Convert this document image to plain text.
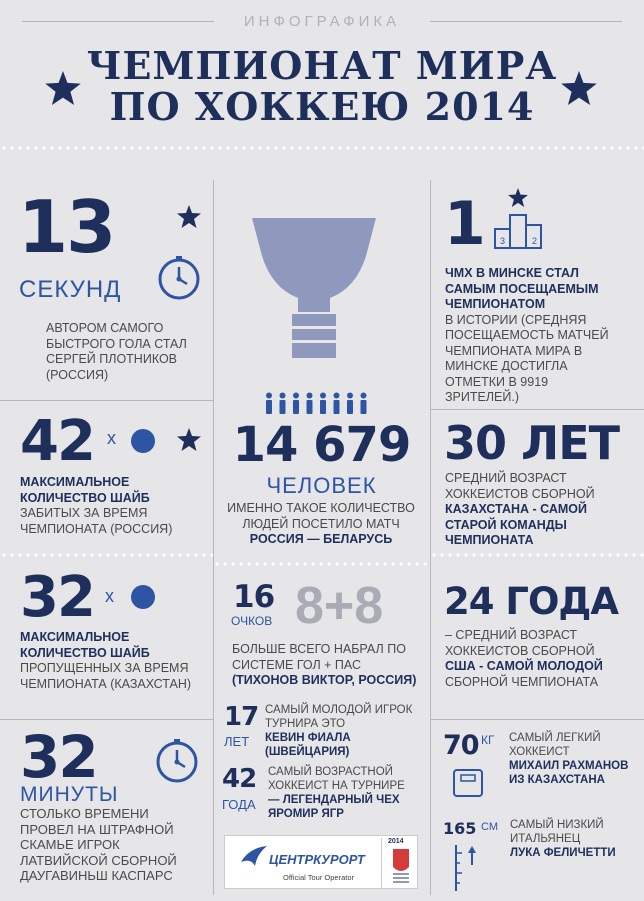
ИНФОГРАФИКА
ЧЕМПИОНАТ МИРА
ПО ХОККЕЮ 2014
13
СЕКУНД
АВТОРОМ САМОГО БЫСТРОГО ГОЛА СТАЛ СЕРГЕЙ ПЛОТНИКОВ (РОССИЯ)
42 х
МАКСИМАЛЬНОЕ КОЛИЧЕСТВО ШАЙБ
ЗАБИТЫХ ЗА ВРЕМЯ ЧЕМПИОНАТА (РОССИЯ)
32 х
МАКСИМАЛЬНОЕ КОЛИЧЕСТВО ШАЙБ
ПРОПУЩЕННЫХ ЗА ВРЕМЯ ЧЕМПИОНАТА (КАЗАХСТАН)
32
МИНУТЫ
СТОЛЬКО ВРЕМЕНИ ПРОВЕЛ НА ШТРАФНОЙ СКАМЬЕ ИГРОК ЛАТВИЙСКОЙ СБОРНОЙ ДАУГАВИНЬШ КАСПАРС
14 679
ЧЕЛОВЕК
ИМЕННО ТАКОЕ КОЛИЧЕСТВО ЛЮДЕЙ ПОСЕТИЛО МАТЧ
РОССИЯ — БЕЛАРУСЬ
16
ОЧКОВ 8+8
БОЛЬШЕ ВСЕГО НАБРАЛ ПО СИСТЕМЕ ГОЛ + ПАС
(ТИХОНОВ ВИКТОР, РОССИЯ)
17
ЛЕТ
САМЫЙ МОЛОДОЙ ИГРОК ТУРНИРА ЭТО
КЕВИН ФИАЛА (ШВЕЙЦАРИЯ)
42
ГОДА
САМЫЙ ВОЗРАСТНОЙ ХОККЕИСТ НА ТУРНИРЕ
— ЛЕГЕНДАРНЫЙ ЧЕХ ЯРОМИР ЯГР
ЦЕНТРКУРОРТ
Official Tour Operator
2014
1 3	2
ЧМХ В МИНСКЕ СТАЛ САМЫМ ПОСЕЩАЕМЫМ ЧЕМПИОНАТОМ
В ИСТОРИИ (СРЕДНЯЯ ПОСЕЩАЕМОСТЬ МАТЧЕЙ ЧЕМПИОНАТА МИРА В МИНСКЕ ДОСТИГЛА ОТМЕТКИ В 9919 ЗРИТЕЛЕЙ.)
30 ЛЕТ
СРЕДНИЙ ВОЗРАСТ ХОККЕИСТОВ СБОРНОЙ
КАЗАХСТАНА - САМОЙ СТАРОЙ КОМАНДЫ ЧЕМПИОНАТА
24 ГОДА
– СРЕДНИЙ ВОЗРАСТ ХОККЕИСТОВ СБОРНОЙ
США - САМОЙ МОЛОДОЙ
СБОРНОЙ ЧЕМПИОНАТА
70 КГ САМЫЙ ЛЕГКИЙ ХОККЕИСТ
МИХАИЛ РАХМАНОВ ИЗ КАЗАХСТАНА
165 СМ САМЫЙ НИЗКИЙ ИТАЛЬЯНЕЦ
ЛУКА ФЕЛИЧЕТТИ
